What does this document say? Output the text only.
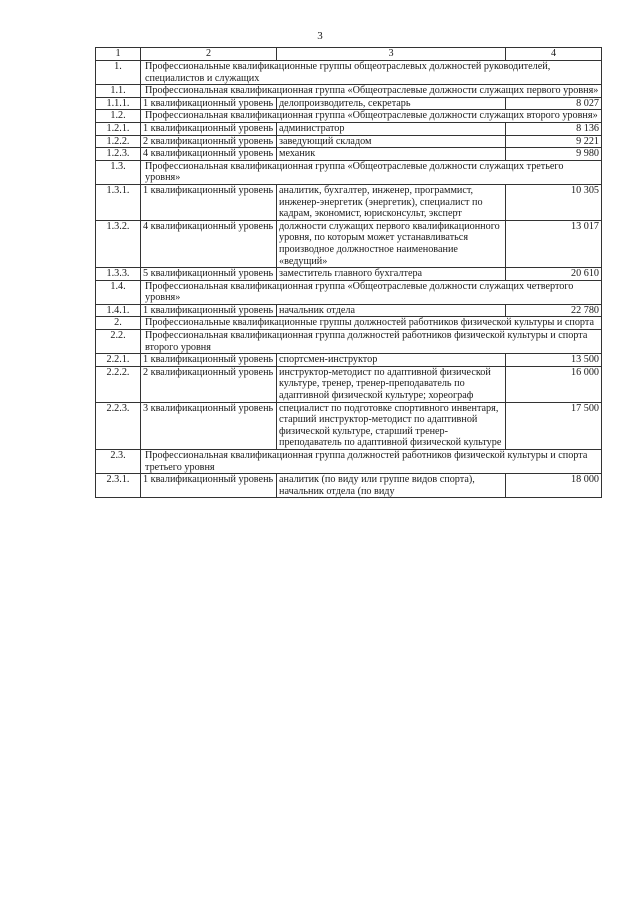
3
1	2	3	4
1.	Профессиональные квалификационные группы общеотраслевых должностей руководителей, специалистов и служащих		
1.1.	Профессиональная квалификационная группа «Общеотраслевые должности служащих первого уровня»		
1.1.1.	1 квалификационный уровень	делопроизводитель, секретарь	8 027
1.2.	Профессиональная квалификационная группа «Общеотраслевые должности служащих второго уровня»		
1.2.1.	1 квалификационный уровень	администратор	8 136
1.2.2.	2 квалификационный уровень	заведующий складом	9 221
1.2.3.	4 квалификационный уровень	механик	9 980
1.3.	Профессиональная квалификационная группа «Общеотраслевые должности служащих третьего уровня»		
1.3.1.	1 квалификационный уровень	аналитик, бухгалтер, инженер, программист, инженер-энергетик (энергетик), специалист по кадрам, экономист, юрисконсульт, эксперт	10 305
1.3.2.	4 квалификационный уровень	должности служащих первого квалификационного уровня, по которым может устанавливаться производное должностное наименование «ведущий»	13 017
1.3.3.	5 квалификационный уровень	заместитель главного бухгалтера	20 610
1.4.	Профессиональная квалификационная группа «Общеотраслевые должности служащих четвертого уровня»		
1.4.1.	1 квалификационный уровень	начальник отдела	22 780
2.	Профессиональные квалификационные группы должностей работников физической культуры и спорта		
2.2.	Профессиональная квалификационная группа должностей работников физической культуры и спорта второго уровня		
2.2.1.	1 квалификационный уровень	спортсмен-инструктор	13 500
2.2.2.	2 квалификационный уровень	инструктор-методист по адаптивной физической культуре, тренер, тренер-преподаватель по адаптивной физической культуре; хореограф	16 000
2.2.3.	3 квалификационный уровень	специалист по подготовке спортивного инвентаря, старший инструктор-методист по адаптивной физической культуре, старший тренер-преподаватель по адаптивной физической культуре	17 500
2.3.	Профессиональная квалификационная группа должностей работников физической культуры и спорта третьего уровня		
2.3.1.	1 квалификационный уровень	аналитик (по виду или группе видов спорта), начальник отдела (по виду	18 000
